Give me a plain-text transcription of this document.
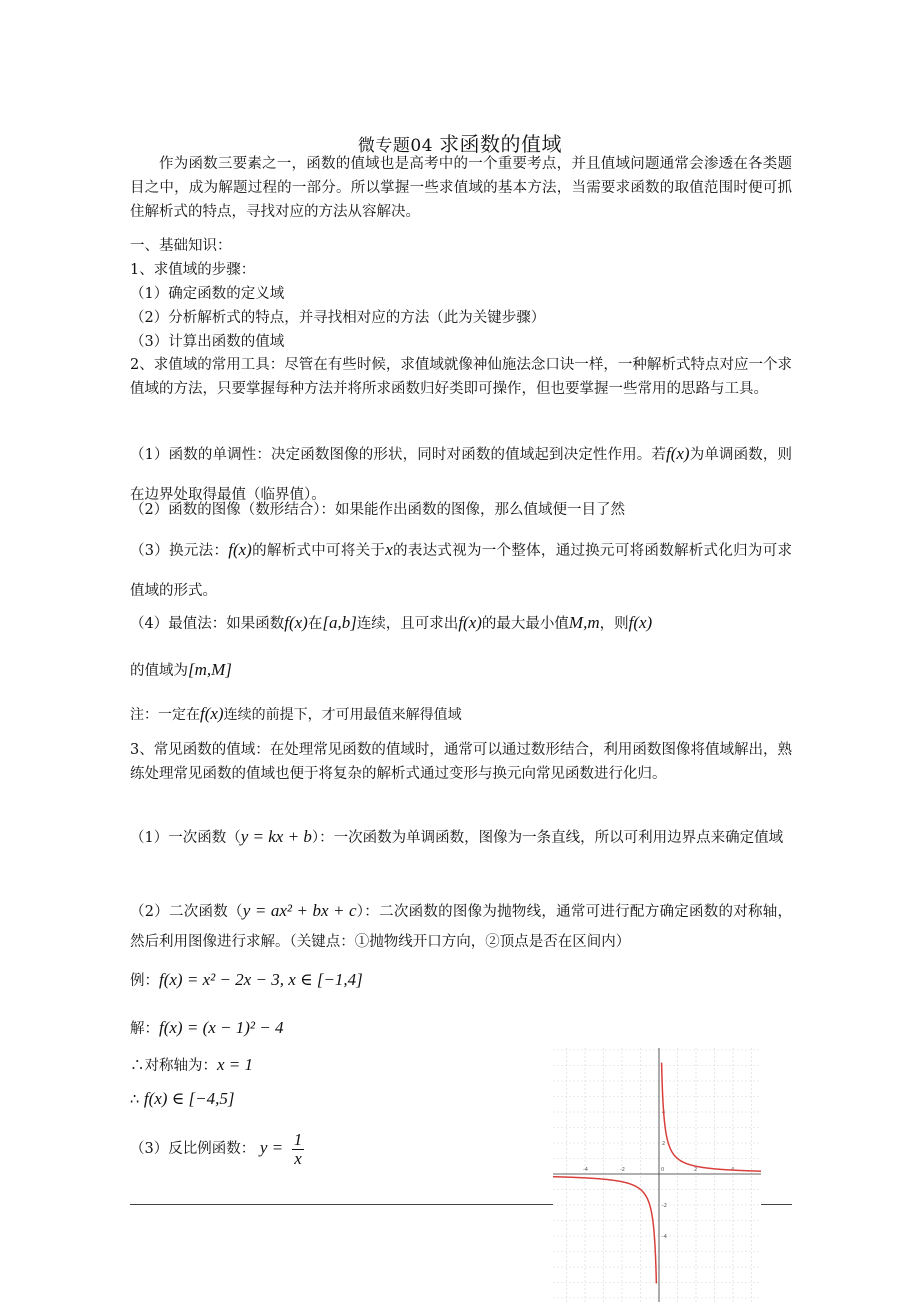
微专题04 求函数的值域

作为函数三要素之一，函数的值域也是高考中的一个重要考点，并且值域问题通常会渗透在各类题目之中，成为解题过程的一部分。所以掌握一些求值域的基本方法，当需要求函数的取值范围时便可抓住解析式的特点，寻找对应的方法从容解决。

一、基础知识：

1、求值域的步骤：

（1）确定函数的定义域

（2）分析解析式的特点，并寻找相对应的方法（此为关键步骤）

（3）计算出函数的值域

2、求值域的常用工具：尽管在有些时候，求值域就像神仙施法念口诀一样，一种解析式特点对应一个求值域的方法，只要掌握每种方法并将所求函数归好类即可操作，但也要掌握一些常用的思路与工具。

（1）函数的单调性：决定函数图像的形状，同时对函数的值域起到决定性作用。若f(x)为单调函数，则在边界处取得最值（临界值）。

（2）函数的图像（数形结合）：如果能作出函数的图像，那么值域便一目了然

（3）换元法：f(x)的解析式中可将关于x的表达式视为一个整体，通过换元可将函数解析式化归为可求值域的形式。

（4）最值法：如果函数f(x)在[a,b]连续，且可求出f(x)的最大最小值M,m，则f(x)
的值域为[m,M]

注：一定在f(x)连续的前提下，才可用最值来解得值域

3、常见函数的值域：在处理常见函数的值域时，通常可以通过数形结合，利用函数图像将值域解出，熟练处理常见函数的值域也便于将复杂的解析式通过变形与换元向常见函数进行化归。

（1）一次函数（y = kx + b）：一次函数为单调函数，图像为一条直线，所以可利用边界点来确定值域

（2）二次函数（y = ax² + bx + c）：二次函数的图像为抛物线，通常可进行配方确定函数的对称轴，然后利用图像进行求解。（关键点：①抛物线开口方向，②顶点是否在区间内）

例：f(x) = x² − 2x − 3, x ∈ [−1,4]

解：f(x) = (x − 1)² − 4

∴对称轴为：x = 1

∴ f(x) ∈ [−4,5]

（3）反比例函数： $y = \frac{1}{x}$
-4	-2	0	2	4
4
2
-2
-4
